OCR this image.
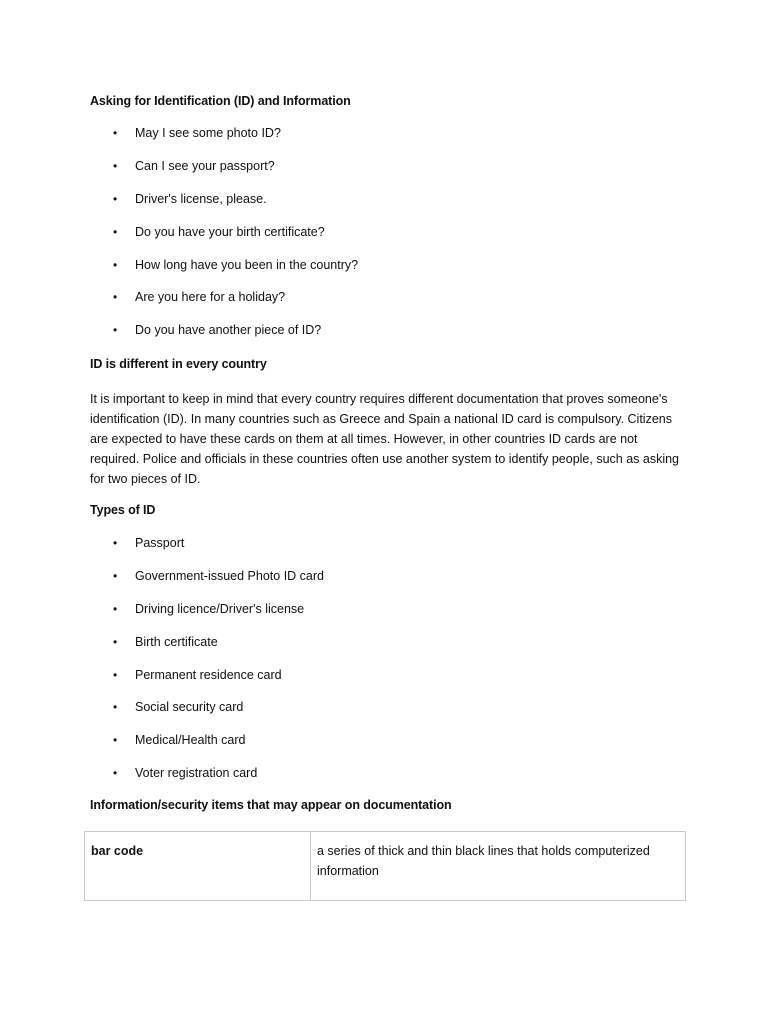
Asking for Identification (ID) and Information
• May I see some photo ID?
• Can I see your passport?
• Driver's license, please.
• Do you have your birth certificate?
• How long have you been in the country?
• Are you here for a holiday?
• Do you have another piece of ID?
ID is different in every country

It is important to keep in mind that every country requires different documentation that proves someone's identification (ID). In many countries such as Greece and Spain a national ID card is compulsory. Citizens are expected to have these cards on them at all times. However, in other countries ID cards are not required. Police and officials in these countries often use another system to identify people, such as asking for two pieces of ID.

Types of ID
• Passport
• Government-issued Photo ID card
• Driving licence/Driver's license
• Birth certificate
• Permanent residence card
• Social security card
• Medical/Health card
• Voter registration card
Information/security items that may appear on documentation
bar code	a series of thick and thin black lines that holds computerized information
